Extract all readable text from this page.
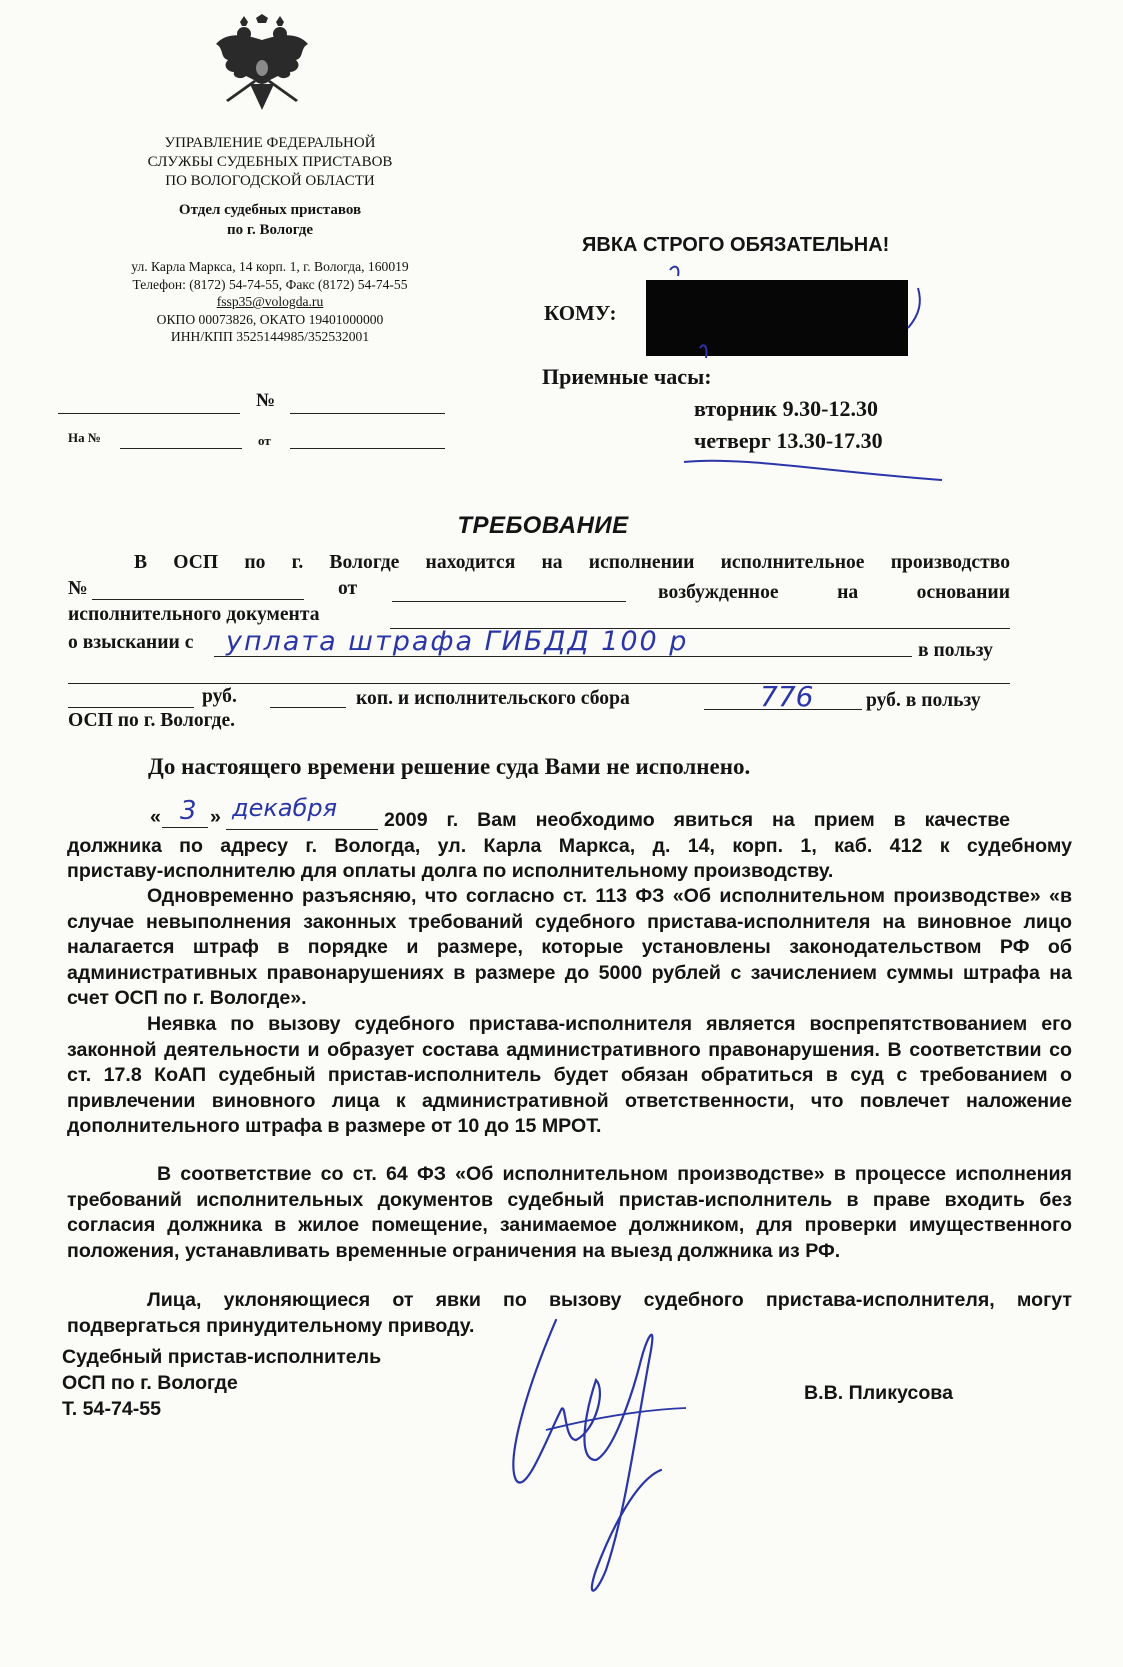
УПРАВЛЕНИЕ ФЕДЕРАЛЬНОЙ
СЛУЖБЫ СУДЕБНЫХ ПРИСТАВОВ
ПО ВОЛОГОДСКОЙ ОБЛАСТИ
Отдел судебных приставов
по г. Вологде
ул. Карла Маркса, 14 корп. 1, г. Вологда, 160019
Телефон: (8172) 54-74-55, Факс (8172) 54-74-55
fssp35@vologda.ru
ОКПО 00073826, ОКАТО 19401000000
ИНН/КПП 3525144985/352532001
№
На №	от
ЯВКА СТРОГО ОБЯЗАТЕЛЬНА!
КОМУ:
Приемные часы:
вторник 9.30-12.30
четверг 13.30-17.30
ТРЕБОВАНИЕ
В ОСП по г. Вологде находится на исполнении исполнительное производство
№	от	возбужденное на основании
исполнительного документа
о взыскании с уплата штрафа ГИБДД 100 р	в пользу
руб.	коп. и исполнительского сбора	776	руб. в пользу
ОСП по г. Вологде.
До настоящего времени решение суда Вами не исполнено.
« 3 » декабря 2009 г. Вам необходимо явиться на прием в качестве
должника по адресу г. Вологда, ул. Карла Маркса, д. 14, корп. 1, каб. 412 к судебному
приставу-исполнителю для оплаты долга по исполнительному производству.
Одновременно разъясняю, что согласно ст. 113 ФЗ «Об исполнительном производстве» «в случае невыполнения законных требований судебного пристава-исполнителя на виновное лицо налагается штраф в порядке и размере, которые установлены законодательством РФ об административных правонарушениях в размере до 5000 рублей с зачислением суммы штрафа на счет ОСП по г. Вологде».
Неявка по вызову судебного пристава-исполнителя является воспрепятствованием его законной деятельности и образует состава административного правонарушения. В соответствии со ст. 17.8 КоАП судебный пристав-исполнитель будет обязан обратиться в суд с требованием о привлечении виновного лица к административной ответственности, что повлечет наложение дополнительного штрафа в размере от 10 до 15 МРОТ.
В соответствие со ст. 64 ФЗ «Об исполнительном производстве» в процессе исполнения требований исполнительных документов судебный пристав-исполнитель в праве входить без согласия должника в жилое помещение, занимаемое должником, для проверки имущественного положения, устанавливать временные ограничения на выезд должника из РФ.
Лица, уклоняющиеся от явки по вызову судебного пристава-исполнителя, могут подвергаться принудительному приводу.
Судебный пристав-исполнитель
ОСП по г. Вологде
Т. 54-74-55
В.В. Пликусова
